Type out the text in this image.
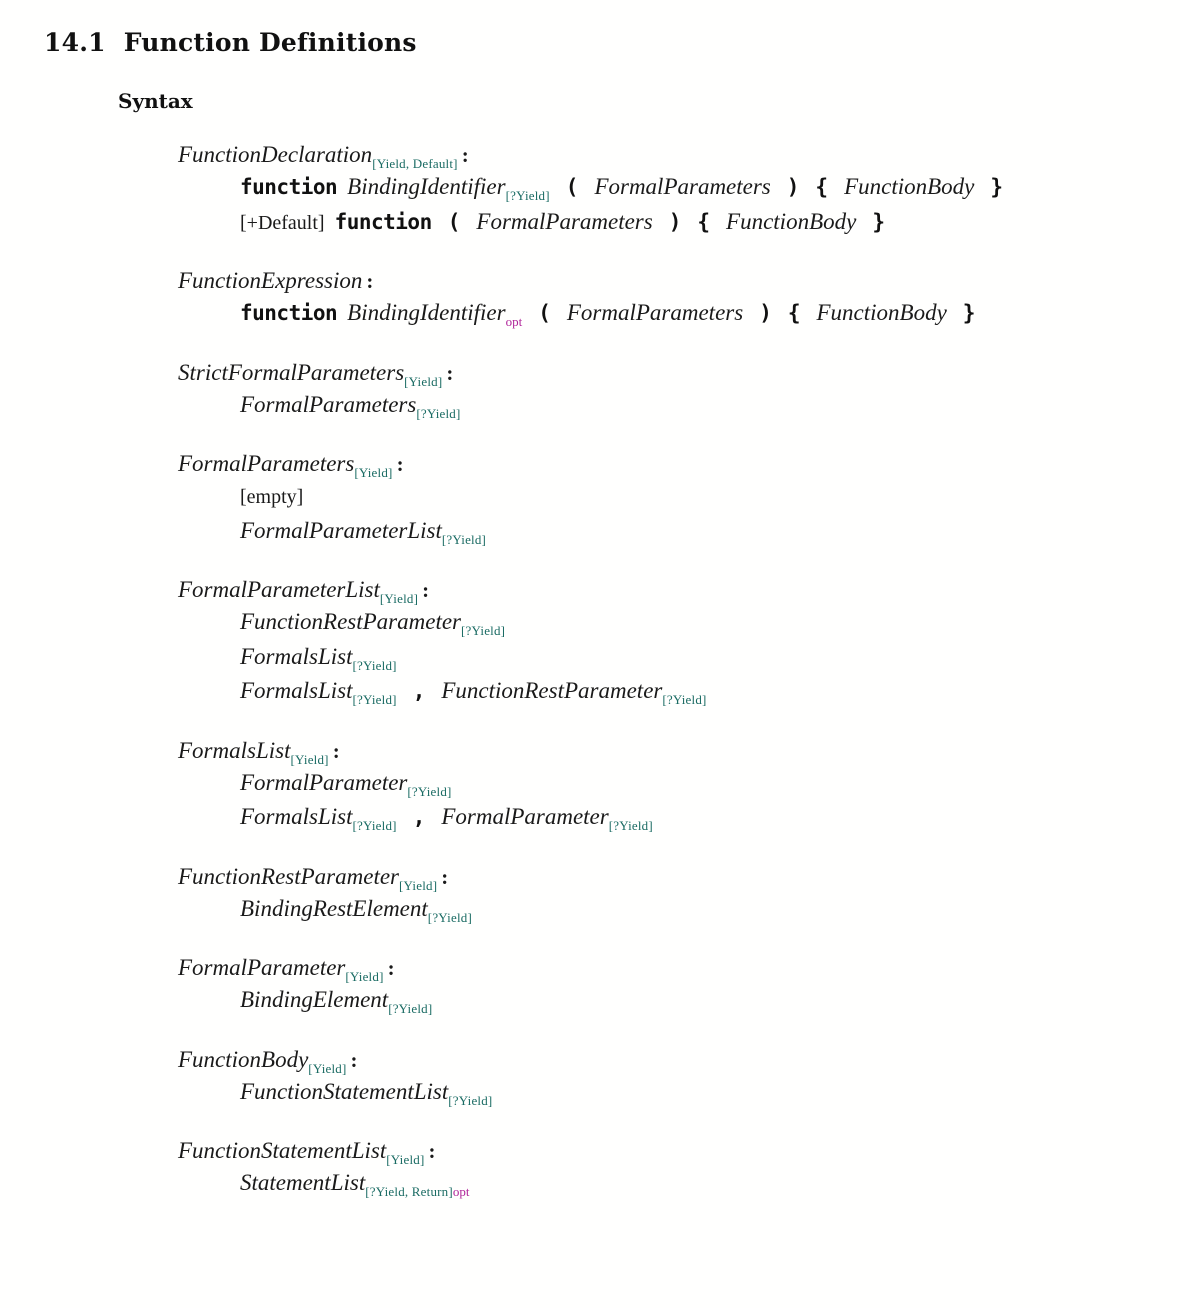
14.1 Function Definitions
Syntax
FunctionDeclaration$_{[Yield, Default]}$ :
function BindingIdentifier$_{[?Yield]}$ ( FormalParameters ) { FunctionBody }
[+Default] function ( FormalParameters ) { FunctionBody }
FunctionExpression :
function BindingIdentifier$_{opt}$ ( FormalParameters ) { FunctionBody }
StrictFormalParameters$_{[Yield]}$ :
FormalParameters$_{[?Yield]}$
FormalParameters$_{[Yield]}$ :
[empty]
FormalParameterList$_{[?Yield]}$
FormalParameterList$_{[Yield]}$ :
FunctionRestParameter$_{[?Yield]}$
FormalsList$_{[?Yield]}$
FormalsList$_{[?Yield]}$ , FunctionRestParameter$_{[?Yield]}$
FormalsList$_{[Yield]}$ :
FormalParameter$_{[?Yield]}$
FormalsList$_{[?Yield]}$ , FormalParameter$_{[?Yield]}$
FunctionRestParameter$_{[Yield]}$ :
BindingRestElement$_{[?Yield]}$
FormalParameter$_{[Yield]}$ :
BindingElement$_{[?Yield]}$
FunctionBody$_{[Yield]}$ :
FunctionStatementList$_{[?Yield]}$
FunctionStatementList$_{[Yield]}$ :
StatementList$_{[?Yield, Return]opt}$
